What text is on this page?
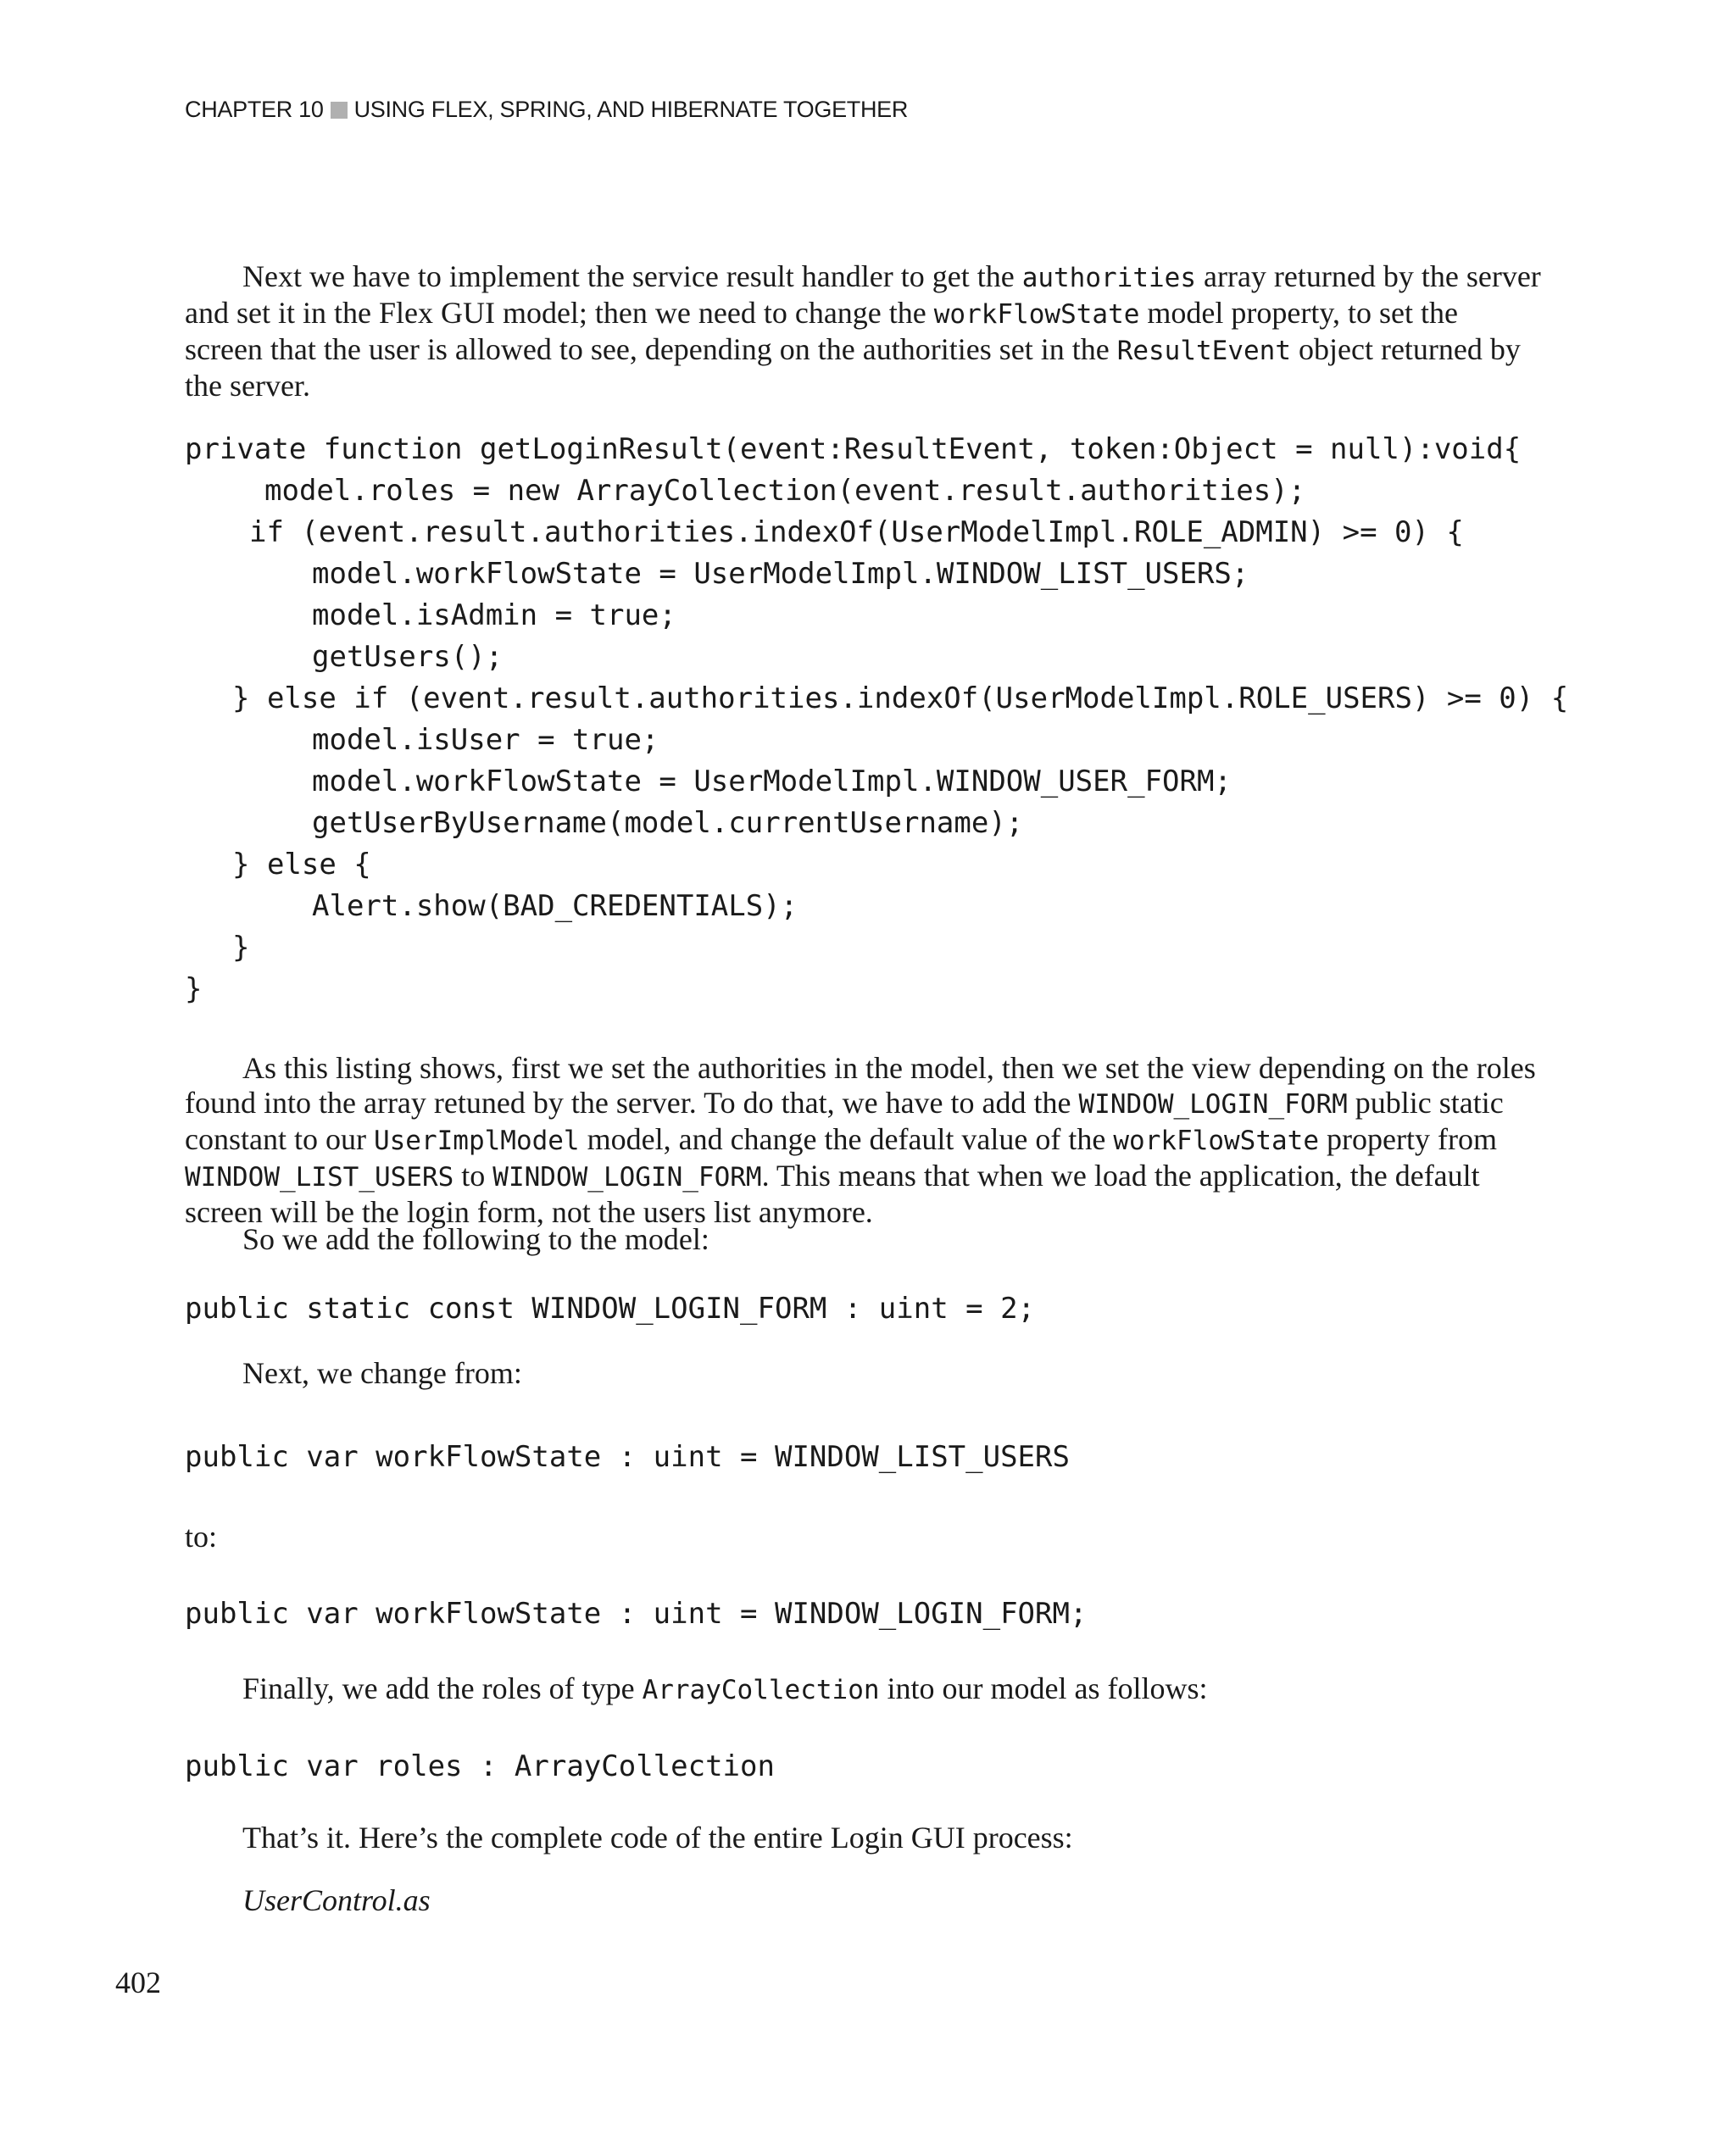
CHAPTER 10 USING FLEX, SPRING, AND HIBERNATE TOGETHER

Next we have to implement the service result handler to get the authorities array returned by the server and set it in the Flex GUI model; then we need to change the workFlowState model property, to set the screen that the user is allowed to see, depending on the authorities set in the ResultEvent object returned by the server.

private function getLoginResult(event:ResultEvent, token:Object = null):void{
model.roles = new ArrayCollection(event.result.authorities);
if (event.result.authorities.indexOf(UserModelImpl.ROLE_ADMIN) >= 0) {
model.workFlowState = UserModelImpl.WINDOW_LIST_USERS;
model.isAdmin = true;
getUsers();
} else if (event.result.authorities.indexOf(UserModelImpl.ROLE_USERS) >= 0) {
model.isUser = true;
model.workFlowState = UserModelImpl.WINDOW_USER_FORM;
getUserByUsername(model.currentUsername);
} else {
Alert.show(BAD_CREDENTIALS);
}
}

As this listing shows, first we set the authorities in the model, then we set the view depending on the roles found into the array retuned by the server. To do that, we have to add the WINDOW_LOGIN_FORM public static constant to our UserImplModel model, and change the default value of the workFlowState property from WINDOW_LIST_USERS to WINDOW_LOGIN_FORM. This means that when we load the application, the default screen will be the login form, not the users list anymore.

So we add the following to the model:

public static const WINDOW_LOGIN_FORM : uint = 2;

Next, we change from:

public var workFlowState : uint = WINDOW_LIST_USERS

to:

public var workFlowState : uint = WINDOW_LOGIN_FORM;

Finally, we add the roles of type ArrayCollection into our model as follows:

public var roles : ArrayCollection

That’s it. Here’s the complete code of the entire Login GUI process:

UserControl.as

402
